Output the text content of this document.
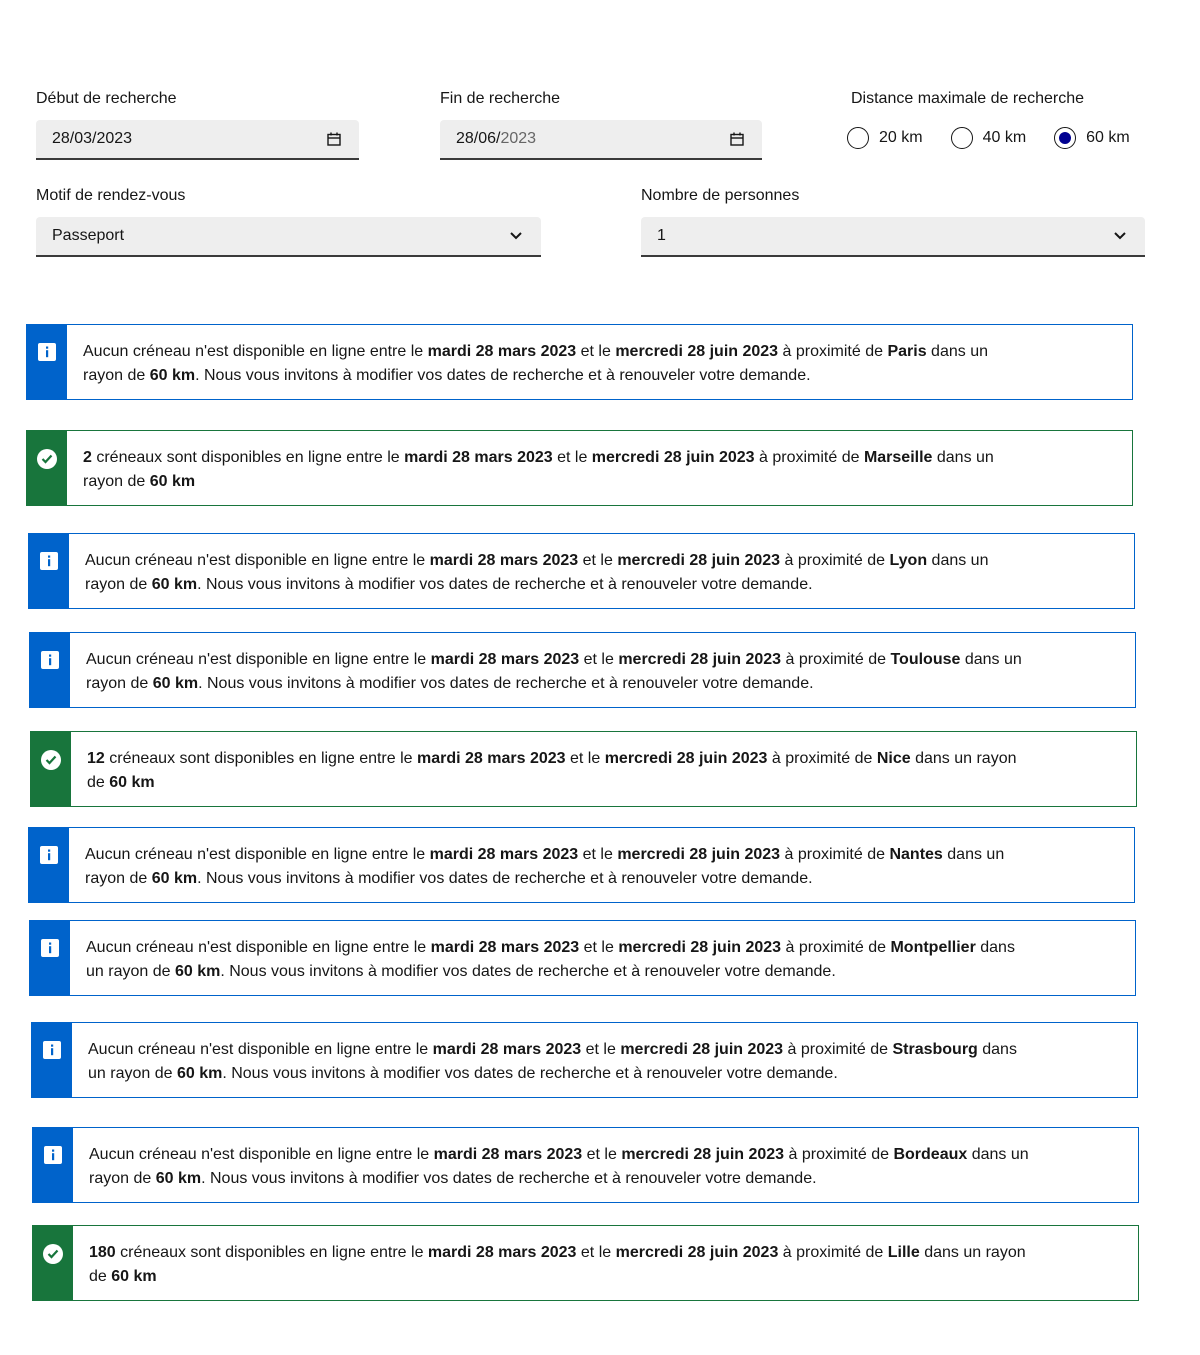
Début de recherche
28/03/2023
Fin de recherche
28/06/2023
Distance maximale de recherche
20 km	40 km	60 km
Motif de rendez-vous
Passeport
Nombre de personnes
1
Aucun créneau n'est disponible en ligne entre le mardi 28 mars 2023 et le mercredi 28 juin 2023 à proximité de Paris dans un
rayon de 60 km. Nous vous invitons à modifier vos dates de recherche et à renouveler votre demande.
2 créneaux sont disponibles en ligne entre le mardi 28 mars 2023 et le mercredi 28 juin 2023 à proximité de Marseille dans un
rayon de 60 km
Aucun créneau n'est disponible en ligne entre le mardi 28 mars 2023 et le mercredi 28 juin 2023 à proximité de Lyon dans un
rayon de 60 km. Nous vous invitons à modifier vos dates de recherche et à renouveler votre demande.
Aucun créneau n'est disponible en ligne entre le mardi 28 mars 2023 et le mercredi 28 juin 2023 à proximité de Toulouse dans un
rayon de 60 km. Nous vous invitons à modifier vos dates de recherche et à renouveler votre demande.
12 créneaux sont disponibles en ligne entre le mardi 28 mars 2023 et le mercredi 28 juin 2023 à proximité de Nice dans un rayon
de 60 km
Aucun créneau n'est disponible en ligne entre le mardi 28 mars 2023 et le mercredi 28 juin 2023 à proximité de Nantes dans un
rayon de 60 km. Nous vous invitons à modifier vos dates de recherche et à renouveler votre demande.
Aucun créneau n'est disponible en ligne entre le mardi 28 mars 2023 et le mercredi 28 juin 2023 à proximité de Montpellier dans
un rayon de 60 km. Nous vous invitons à modifier vos dates de recherche et à renouveler votre demande.
Aucun créneau n'est disponible en ligne entre le mardi 28 mars 2023 et le mercredi 28 juin 2023 à proximité de Strasbourg dans
un rayon de 60 km. Nous vous invitons à modifier vos dates de recherche et à renouveler votre demande.
Aucun créneau n'est disponible en ligne entre le mardi 28 mars 2023 et le mercredi 28 juin 2023 à proximité de Bordeaux dans un
rayon de 60 km. Nous vous invitons à modifier vos dates de recherche et à renouveler votre demande.
180 créneaux sont disponibles en ligne entre le mardi 28 mars 2023 et le mercredi 28 juin 2023 à proximité de Lille dans un rayon
de 60 km
